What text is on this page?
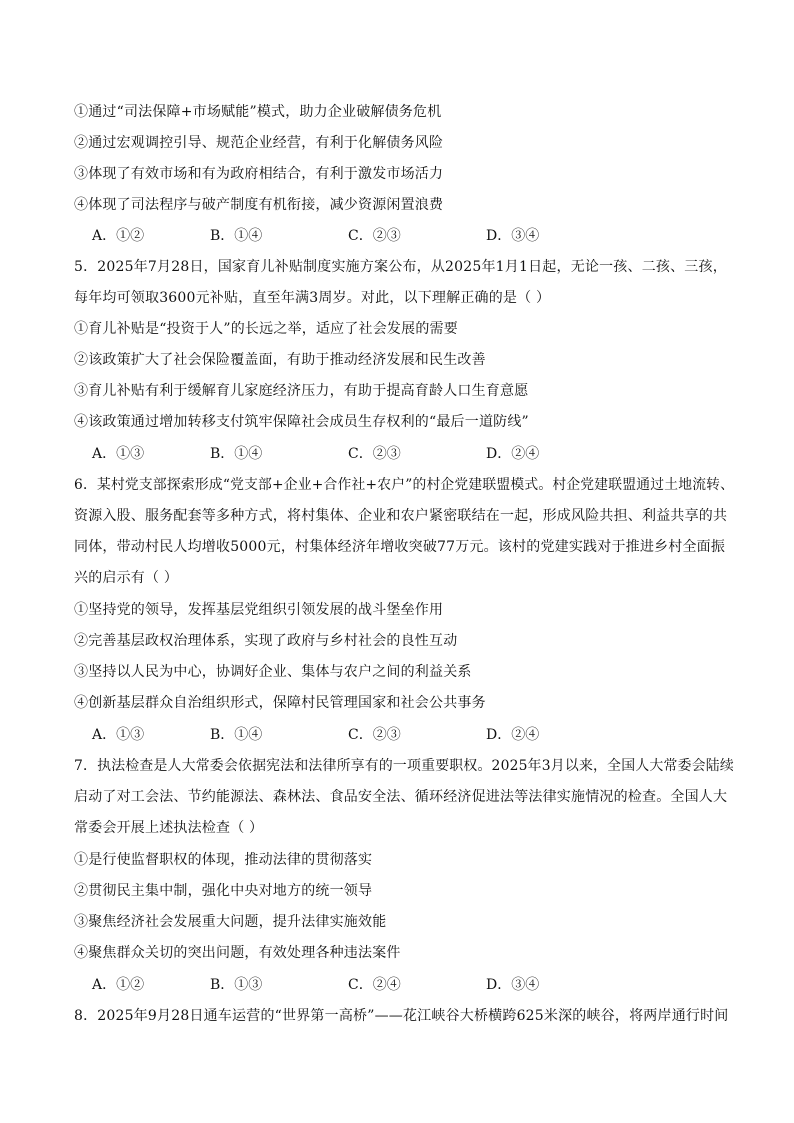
①通过“司法保障+市场赋能”模式，助力企业破解债务危机
②通过宏观调控引导、规范企业经营，有利于化解债务风险
③体现了有效市场和有为政府相结合，有利于激发市场活力
④体现了司法程序与破产制度有机衔接，减少资源闲置浪费
A．①②	B．①④	C．②③	D．③④
5．2025年7月28日，国家育儿补贴制度实施方案公布，从2025年1月1日起，无论一孩、二孩、三孩，
每年均可领取3600元补贴，直至年满3周岁。对此，以下理解正确的是（ ）
①育儿补贴是“投资于人”的长远之举，适应了社会发展的需要
②该政策扩大了社会保险覆盖面，有助于推动经济发展和民生改善
③育儿补贴有利于缓解育儿家庭经济压力，有助于提高育龄人口生育意愿
④该政策通过增加转移支付筑牢保障社会成员生存权利的“最后一道防线”
A．①③	B．①④	C．②③	D．②④
6．某村党支部探索形成“党支部+企业+合作社+农户”的村企党建联盟模式。村企党建联盟通过土地流转、
资源入股、服务配套等多种方式，将村集体、企业和农户紧密联结在一起，形成风险共担、利益共享的共
同体，带动村民人均增收5000元，村集体经济年增收突破77万元。该村的党建实践对于推进乡村全面振
兴的启示有（ ）
①坚持党的领导，发挥基层党组织引领发展的战斗堡垒作用
②完善基层政权治理体系，实现了政府与乡村社会的良性互动
③坚持以人民为中心，协调好企业、集体与农户之间的利益关系
④创新基层群众自治组织形式，保障村民管理国家和社会公共事务
A．①③	B．①④	C．②③	D．②④
7．执法检查是人大常委会依据宪法和法律所享有的一项重要职权。2025年3月以来，全国人大常委会陆续
启动了对工会法、节约能源法、森林法、食品安全法、循环经济促进法等法律实施情况的检查。全国人大
常委会开展上述执法检查（ ）
①是行使监督职权的体现，推动法律的贯彻落实
②贯彻民主集中制，强化中央对地方的统一领导
③聚焦经济社会发展重大问题，提升法律实施效能
④聚焦群众关切的突出问题，有效处理各种违法案件
A．①②	B．①③	C．②④	D．③④
8．2025年9月28日通车运营的“世界第一高桥”——花江峡谷大桥横跨625米深的峡谷，将两岸通行时间
